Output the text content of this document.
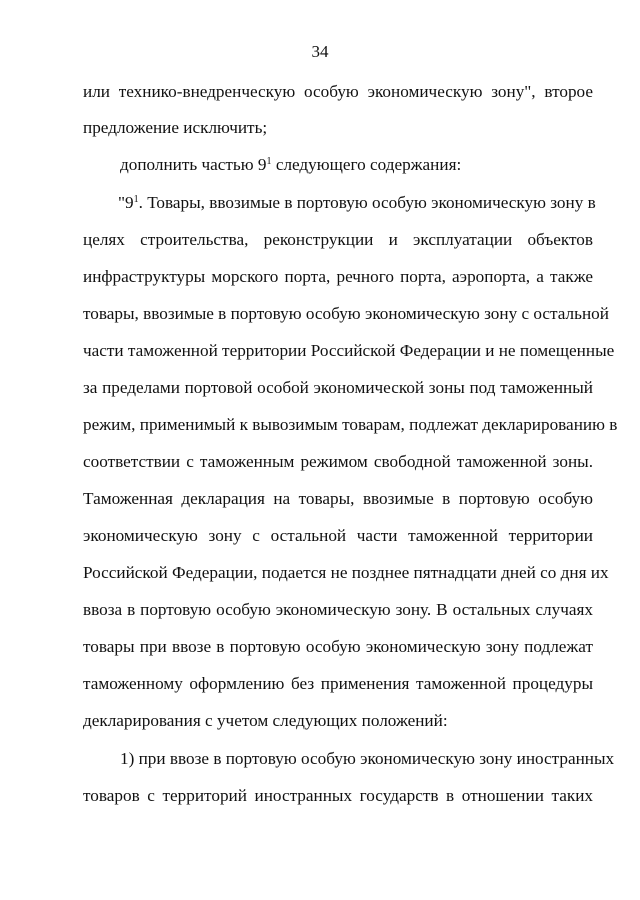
34
или технико-внедренческую особую экономическую зону", второе
предложение исключить;
дополнить частью $9^1$ следующего содержания:
"$9^1$ . Товары, ввозимые в портовую особую экономическую зону в
целях строительства, реконструкции и эксплуатации объектов
инфраструктуры морского порта, речного порта, аэропорта, а также
товары, ввозимые в портовую особую экономическую зону с остальной
части таможенной территории Российской Федерации и не помещенные
за пределами портовой особой экономической зоны под таможенный
режим, применимый к вывозимым товарам, подлежат декларированию в
соответствии с таможенным режимом свободной таможенной зоны.
Таможенная декларация на товары, ввозимые в портовую особую
экономическую зону с остальной части таможенной территории
Российской Федерации, подается не позднее пятнадцати дней со дня их
ввоза в портовую особую экономическую зону. В остальных случаях
товары при ввозе в портовую особую экономическую зону подлежат
таможенному оформлению без применения таможенной процедуры
декларирования с учетом следующих положений:
1) при ввозе в портовую особую экономическую зону иностранных
товаров с территорий иностранных государств в отношении таких
